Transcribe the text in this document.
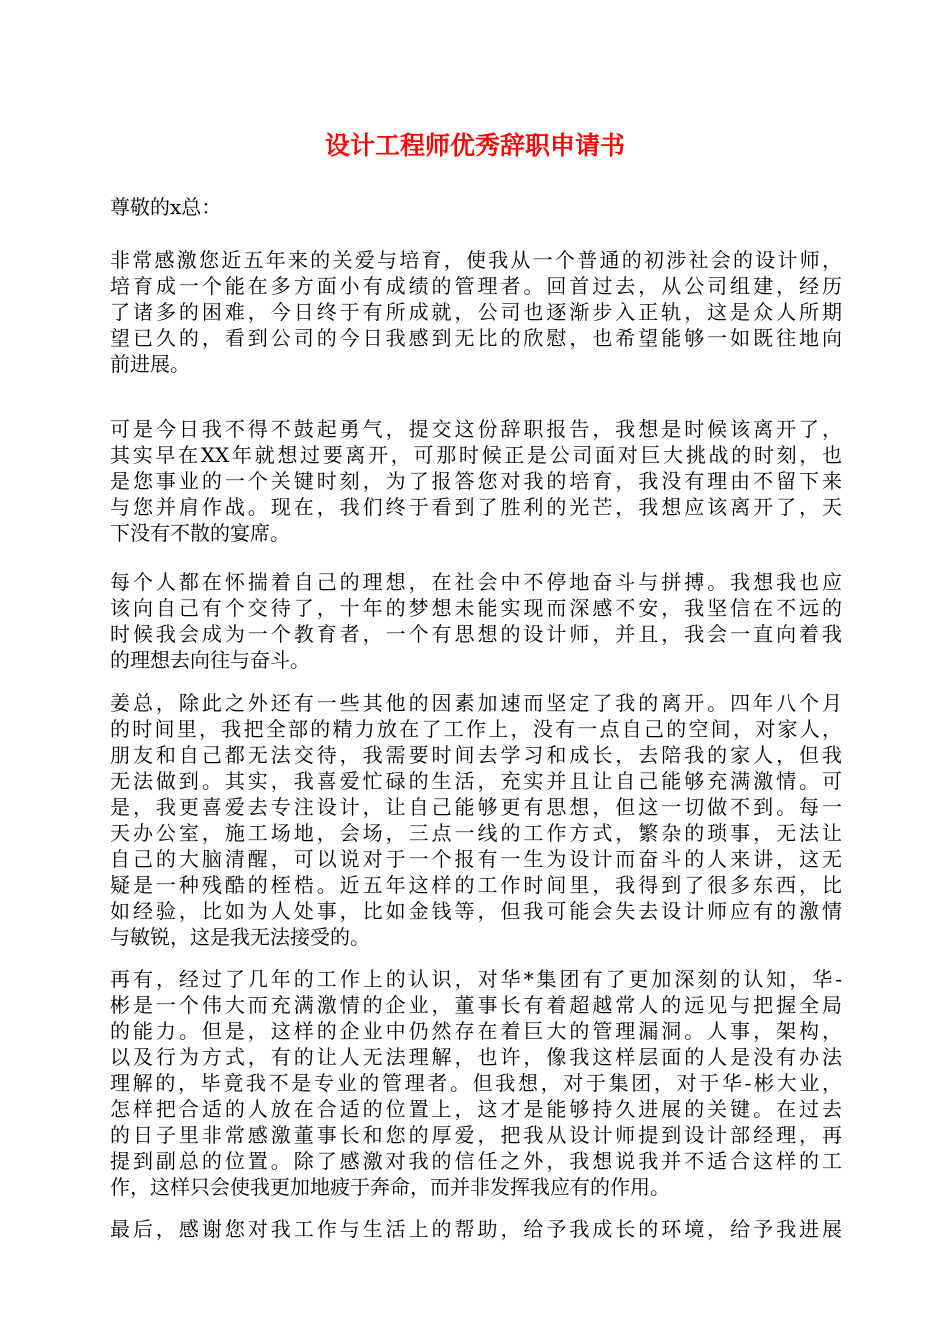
设计工程师优秀辞职申请书
尊敬的x总：
非常感激您近五年来的关爱与培育，使我从一个普通的初涉社会的设计师，
培育成一个能在多方面小有成绩的管理者。回首过去，从公司组建，经历
了诸多的困难，今日终于有所成就，公司也逐渐步入正轨，这是众人所期
望已久的，看到公司的今日我感到无比的欣慰，也希望能够一如既往地向
前进展。
可是今日我不得不鼓起勇气，提交这份辞职报告，我想是时候该离开了，
其实早在XX年就想过要离开，可那时候正是公司面对巨大挑战的时刻，也
是您事业的一个关键时刻，为了报答您对我的培育，我没有理由不留下来
与您并肩作战。现在，我们终于看到了胜利的光芒，我想应该离开了，天
下没有不散的宴席。
每个人都在怀揣着自己的理想，在社会中不停地奋斗与拼搏。我想我也应
该向自己有个交待了，十年的梦想未能实现而深感不安，我坚信在不远的
时候我会成为一个教育者，一个有思想的设计师，并且，我会一直向着我
的理想去向往与奋斗。
姜总，除此之外还有一些其他的因素加速而坚定了我的离开。四年八个月
的时间里，我把全部的精力放在了工作上，没有一点自己的空间，对家人，
朋友和自己都无法交待，我需要时间去学习和成长，去陪我的家人，但我
无法做到。其实，我喜爱忙碌的生活，充实并且让自己能够充满激情。可
是，我更喜爱去专注设计，让自己能够更有思想，但这一切做不到。每一
天办公室，施工场地，会场，三点一线的工作方式，繁杂的琐事，无法让
自己的大脑清醒，可以说对于一个报有一生为设计而奋斗的人来讲，这无
疑是一种残酷的桎梏。近五年这样的工作时间里，我得到了很多东西，比
如经验，比如为人处事，比如金钱等，但我可能会失去设计师应有的激情
与敏锐，这是我无法接受的。
再有，经过了几年的工作上的认识，对华*集团有了更加深刻的认知，华-
彬是一个伟大而充满激情的企业，董事长有着超越常人的远见与把握全局
的能力。但是，这样的企业中仍然存在着巨大的管理漏洞。人事，架构，
以及行为方式，有的让人无法理解，也许，像我这样层面的人是没有办法
理解的，毕竟我不是专业的管理者。但我想，对于集团，对于华-彬大业，
怎样把合适的人放在合适的位置上，这才是能够持久进展的关键。在过去
的日子里非常感激董事长和您的厚爱，把我从设计师提到设计部经理，再
提到副总的位置。除了感激对我的信任之外，我想说我并不适合这样的工
作，这样只会使我更加地疲于奔命，而并非发挥我应有的作用。
最后，感谢您对我工作与生活上的帮助，给予我成长的环境，给予我进展
